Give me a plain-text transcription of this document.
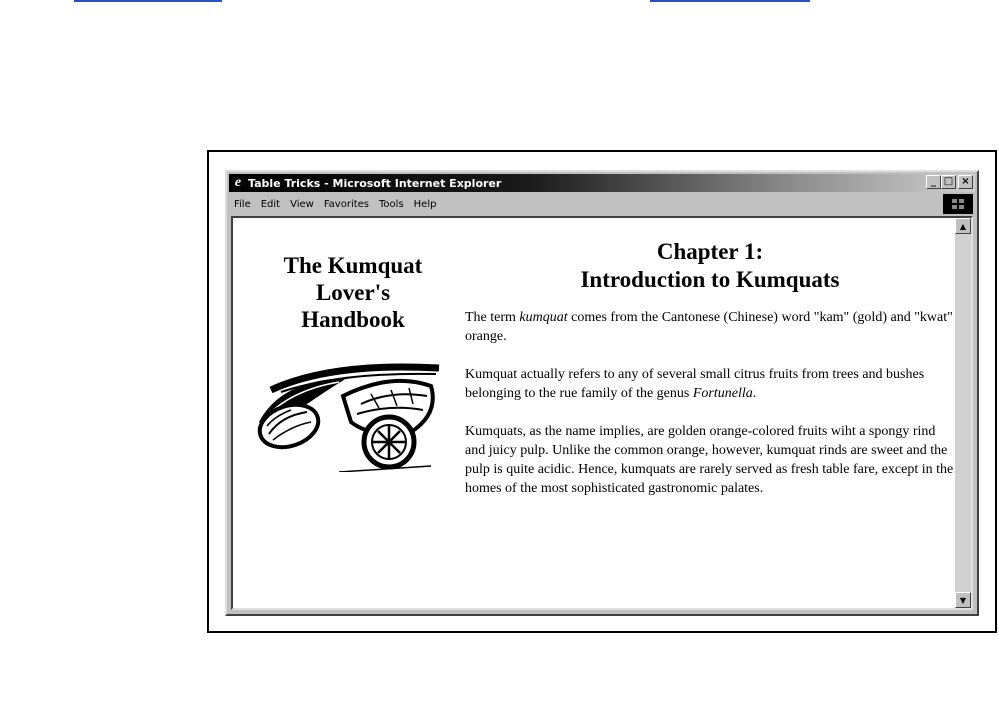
e Table Tricks - Microsoft Internet Explorer	_ □ ×
File	Edit	View	Favorites	Tools	Help

The Kumquat
Lover's
Handbook

Chapter 1:
Introduction to Kumquats

The term kumquat comes from the Cantonese (Chinese) word "kam" (gold) and "kwat" orange.

Kumquat actually refers to any of several small citrus fruits from trees and bushes belonging to the rue family of the genus Fortunella.

Kumquats, as the name implies, are golden orange-colored fruits wiht a spongy rind and juicy pulp. Unlike the common orange, however, kumquat rinds are sweet and the pulp is quite acidic. Hence, kumquats are rarely served as fresh table fare, except in the homes of the most sophisticated gastronomic palates.

▲
▼
